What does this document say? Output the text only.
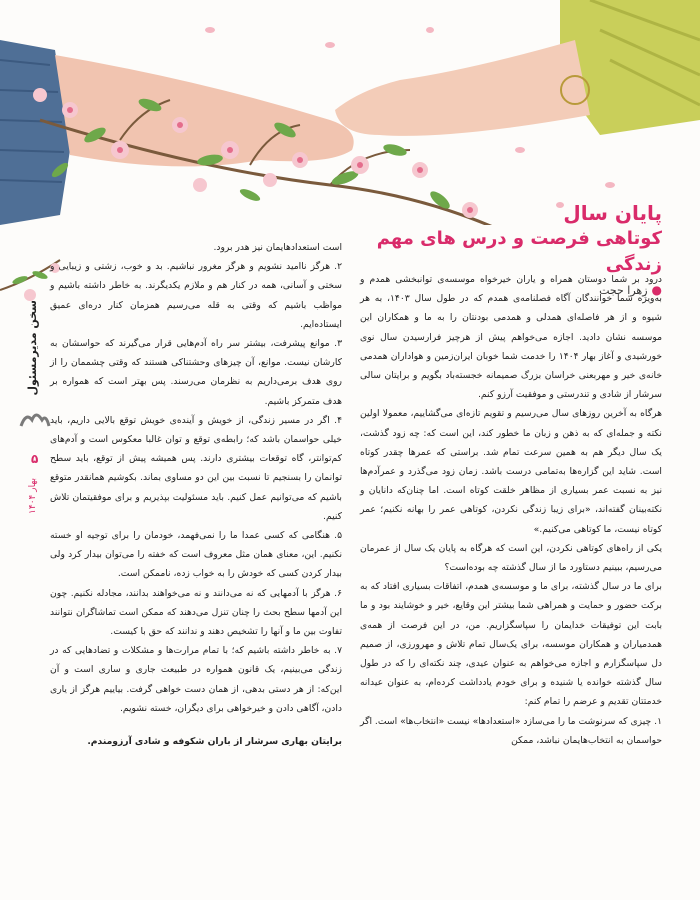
سخن مدیرمسئول
۵
بهار ۱۴۰۴
پایان سال
کوتاهی فرصت و درس های مهم زندگی
●زهرا حجت

درود بر شما دوستان همراه و یاران خیرخواه موسسه‌ی توانبخشی همدم و به‌ویژه شما خوانندگان آگاه فصلنامه‌ی همدم که در طول سال ۱۴۰۳، به هر شیوه و از هر فاصله‌ای همدلی و همدمی بودنتان را به ما و همکاران این موسسه نشان دادید. اجازه می‌خواهم پیش از هرچیز فرارسیدن سال نوی خورشیدی و آغاز بهار ۱۴۰۴ را خدمت شما خوبان ایران‌زمین و هواداران همدمی خانه‌ی خیر و مهربعنی خراسان بزرگ صمیمانه خجسته‌باد بگویم و برایتان سالی سرشار از شادی و تندرستی و موفقیت آرزو کنم.

هرگاه به آخرین روزهای سال می‌رسیم و تقویم تازه‌ای می‌گشاییم، معمولا اولین نکته و جمله‌ای که به ذهن و زبان ما خطور کند، این است که: چه زود گذشت، یک سال دیگر هم به همین سرعت تمام شد. براستی که عمرها چقدر کوتاه است. شاید این گزاره‌ها به‌تمامی درست باشد. زمان زود می‌گذرد و عمرآدم‌ها نیز به نسبت عمر بسیاری از مظاهر خلقت کوتاه است. اما چنان‌که دانایان و نکته‌بینان گفته‌اند، «برای زیبا زندگی نکردن، کوتاهی عمر را بهانه نکنیم؛ عمر کوتاه نیست، ما کوتاهی می‌کنیم.»

یکی از راه‌های کوتاهی نکردن، این است که هرگاه به پایان یک سال از عمرمان می‌رسیم، ببینیم دستاورد ما از سال گذشته چه بوده‌است؟

برای ما در سال گذشته، برای ما و موسسه‌ی همدم، اتفاقات بسیاری افتاد که به برکت حضور و حمایت و همراهی شما بیشتر این وقایع، خیر و خوشایند بود و ما بابت این توفیقات خدایمان را سپاسگزاریم. من، در این فرصت از همه‌ی همدمیاران و همکاران موسسه، برای یک‌سال تمام تلاش و مهرورزی، از صمیم دل سپاسگزارم و اجازه می‌خواهم به عنوان عیدی، چند نکته‌ای را که در طول سال گذشته خوانده یا شنیده و برای خودم یادداشت کرده‌ام، به عنوان عیدانه خدمتتان تقدیم و عرضم را تمام کنم:

۱. چیزی که سرنوشت ما را می‌سازد «استعدادها» نیست «انتخاب‌ها» است. اگر حواسمان به انتخاب‌هایمان نباشد، ممکن

است استعدادهایمان نیز هدر برود.

۲. هرگز ناامید نشویم و هرگز مغرور نباشیم. بد و خوب، زشتی و زیبایی و سختی و آسانی، همه در کنار هم و ملازم یکدیگرند. به خاطر داشته باشیم و مواظب باشیم که وقتی به قله می‌رسیم همزمان کنار دره‌ای عمیق ایستاده‌ایم.

۳. موانع پیشرفت، بیشتر سر راه آدم‌هایی قرار می‌گیرند که حواسشان به کارشان نیست. موانع، آن چیزهای وحشتناکی هستند که وقتی چشممان را از روی هدف برمی‌داریم به نظرمان می‌رسند. پس بهتر است که همواره بر هدف متمرکز باشیم.

۴. اگر در مسیر زندگی، از خویش و آینده‌ی خویش توقع بالایی داریم، باید خیلی حواسمان باشد که؛ رابطه‌ی توقع و توان غالبا معکوس است و آدم‌های کم‌توانتر، گاه توقعات بیشتری دارند. پس همیشه پیش از توقع، باید سطح توانمان را بسنجیم تا نسبت بین این دو مساوی بماند. بکوشیم همانقدر متوقع باشیم که می‌توانیم عمل کنیم. باید مسئولیت بپذیریم و برای موفقیتمان تلاش کنیم.

۵. هنگامی که کسی عمدا ما را نمی‌فهمد، خودمان را برای توجیه او خسته نکنیم. این، معنای همان مثل معروف است که خفته را می‌توان بیدار کرد ولی بیدار کردن کسی که خودش را به خواب زده، ناممکن است.

۶. هرگز با آدمهایی که نه می‌دانند و نه می‌خواهند بدانند، مجادله نکنیم. چون این آدمها سطح بحث را چنان تنزل می‌دهند که ممکن است تماشاگران نتوانند تفاوت بین ما و آنها را تشخیص دهند و ندانند که حق با کیست.

۷. به خاطر داشته باشیم که؛ با تمام مرارت‌ها و مشکلات و تضادهایی که در زندگی می‌بینیم، یک قانون همواره در طبیعت جاری و ساری است و آن این‌که: از هر دستی بدهی، از همان دست خواهی گرفت. بیاییم هرگز از یاری دادن، آگاهی دادن و خیرخواهی برای دیگران، خسته نشویم.

برایتان بهاری سرشار از باران شکوفه و شادی آرزومندم.
